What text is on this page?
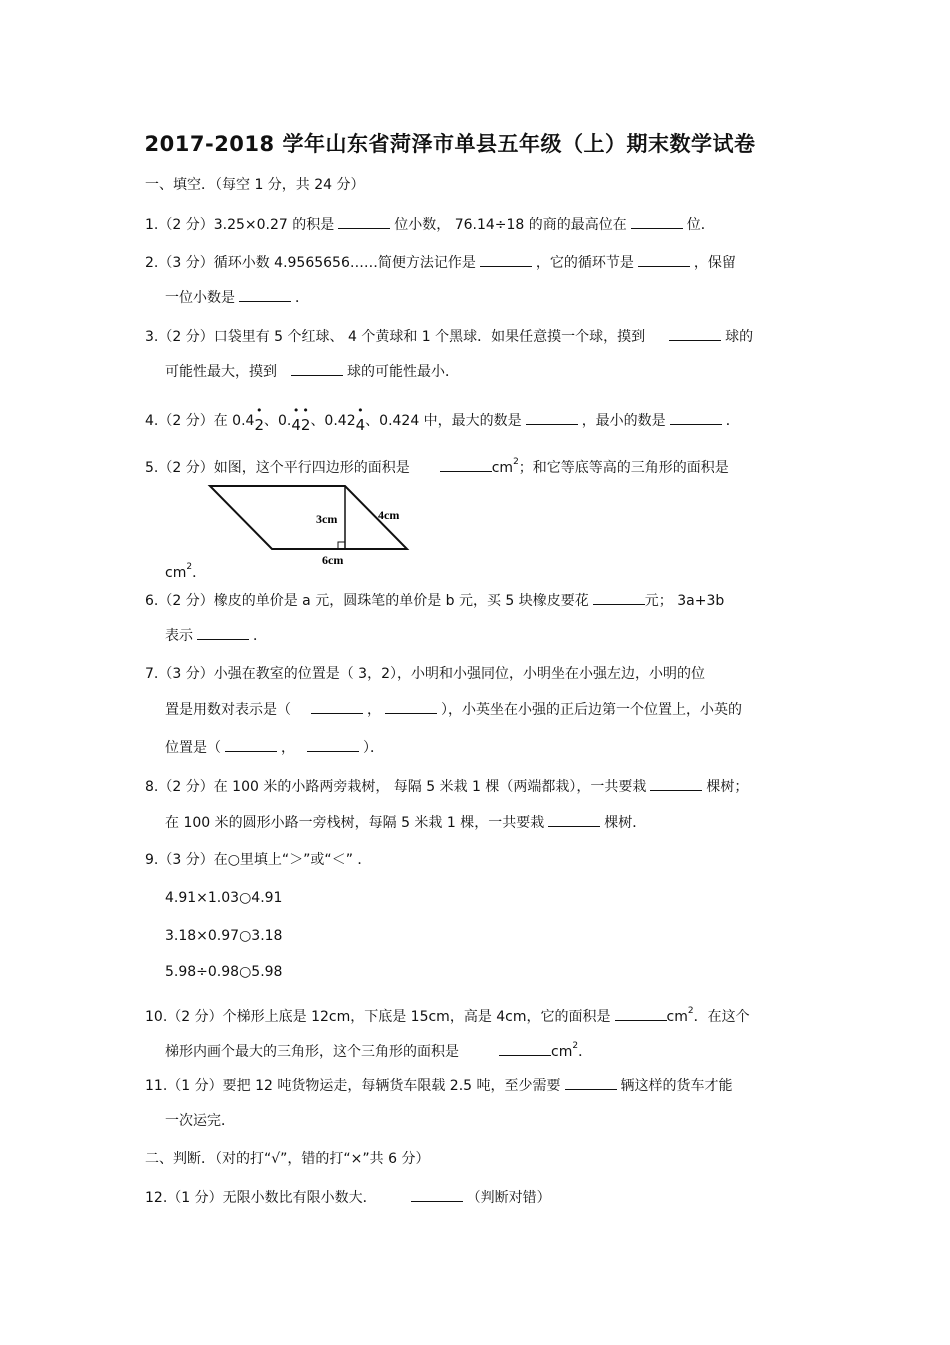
2017-2018 学年山东省菏泽市单县五年级（上）期末数学试卷
一、填空．（每空 1 分，共 24 分）
1.（2 分）3.25×0.27 的积是	位小数， 76.14÷18 的商的最高位在	位．
2.（3 分）循环小数 4.9565656……简便方法记作是	，它的循环节是	，保留
一位小数是	．
3.（2 分）口袋里有 5 个红球、 4 个黄球和 1 个黑球．如果任意摸一个球，摸到	球的
可能性最大，摸到	球的可能性最小．
4.（2 分）在 0.4
•
2、0.
•
4
•
2、0.42
•
4、0.424 中，最大的数是	，最小的数是	．
5.（2 分）如图，这个平行四边形的面积是	$cm^2$；和它等底等高的三角形的面积是
3cm	4cm
6cm
$cm^2$．
6.（2 分）橡皮的单价是 a 元，圆珠笔的单价是 b 元，买 5 块橡皮要花	元； 3a+3b
表示	．
7.（3 分）小强在教室的位置是（ 3，2），小明和小强同位，小明坐在小强左边，小明的位
置是用数对表示是（	，	），小英坐在小强的正后边第一个位置上，小英的
位置是（	，	）．
8.（2 分）在 100 米的小路两旁栽树， 每隔 5 米栽 1 棵（两端都栽），一共要栽	棵树；
在 100 米的圆形小路一旁栈树，每隔 5 米栽 1 棵，一共要栽	棵树．
9.（3 分）在○里填上“＞”或“＜” ．
4.91×1.03○4.91
3.18×0.97○3.18
5.98÷0.98○5.98
10.（2 分）个梯形上底是 12cm，下底是 15cm，高是 4cm，它的面积是	$cm^2$．在这个
梯形内画个最大的三角形，这个三角形的面积是	$cm^2$．
11.（1 分）要把 12 吨货物运走，每辆货车限载 2.5 吨，至少需要	辆这样的货车才能
一次运完．
二、判断．（对的打“√”，错的打“×”共 6 分）
12.（1 分）无限小数比有限小数大．	（判断对错）
